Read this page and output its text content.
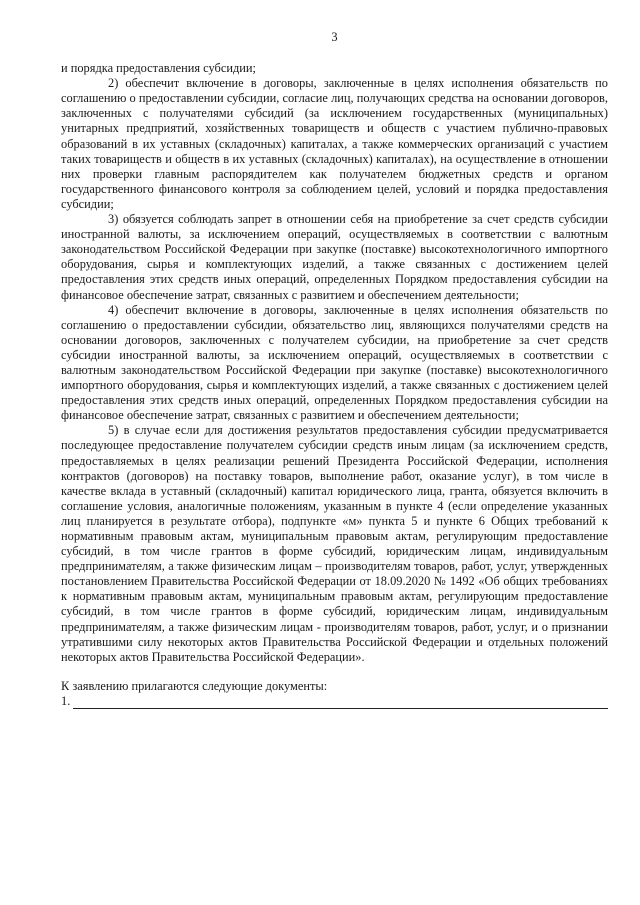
3

и порядка предоставления субсидии;

2) обеспечит включение в договоры, заключенные в целях исполнения обязательств по соглашению о предоставлении субсидии, согласие лиц, получающих средства на основании договоров, заключенных с получателями субсидий (за исключением государственных (муниципальных) унитарных предприятий, хозяйственных товариществ и обществ с участием публично-правовых образований в их уставных (складочных) капиталах, а также коммерческих организаций с участием таких товариществ и обществ в их уставных (складочных) капиталах), на осуществление в отношении них проверки главным распорядителем как получателем бюджетных средств и органом государственного финансового контроля за соблюдением целей, условий и порядка предоставления субсидии;

3) обязуется соблюдать запрет в отношении себя на приобретение за счет средств субсидии иностранной валюты, за исключением операций, осуществляемых в соответствии с валютным законодательством Российской Федерации при закупке (поставке) высокотехнологичного импортного оборудования, сырья и комплектующих изделий, а также связанных с достижением целей предоставления этих средств иных операций, определенных Порядком предоставления субсидии на финансовое обеспечение затрат, связанных с развитием и обеспечением деятельности;

4) обеспечит включение в договоры, заключенные в целях исполнения обязательств по соглашению о предоставлении субсидии, обязательство лиц, являющихся получателями средств на основании договоров, заключенных с получателем субсидии, на приобретение за счет средств субсидии иностранной валюты, за исключением операций, осуществляемых в соответствии с валютным законодательством Российской Федерации при закупке (поставке) высокотехнологичного импортного оборудования, сырья и комплектующих изделий, а также связанных с достижением целей предоставления этих средств иных операций, определенных Порядком предоставления субсидии на финансовое обеспечение затрат, связанных с развитием и обеспечением деятельности;

5) в случае если для достижения результатов предоставления субсидии предусматривается последующее предоставление получателем субсидии средств иным лицам (за исключением средств, предоставляемых в целях реализации решений Президента Российской Федерации, исполнения контрактов (договоров) на поставку товаров, выполнение работ, оказание услуг), в том числе в качестве вклада в уставный (складочный) капитал юридического лица, гранта, обязуется включить в соглашение условия, аналогичные положениям, указанным в пункте 4 (если определение указанных лиц планируется в результате отбора), подпункте «м» пункта 5 и пункте 6 Общих требований к нормативным правовым актам, муниципальным правовым актам, регулирующим предоставление субсидий, в том числе грантов в форме субсидий, юридическим лицам, индивидуальным предпринимателям, а также физическим лицам – производителям товаров, работ, услуг, утвержденных постановлением Правительства Российской Федерации от 18.09.2020 № 1492 «Об общих требованиях к нормативным правовым актам, муниципальным правовым актам, регулирующим предоставление субсидий, в том числе грантов в форме субсидий, юридическим лицам, индивидуальным предпринимателям, а также физическим лицам - производителям товаров, работ, услуг, и о признании утратившими силу некоторых актов Правительства Российской Федерации и отдельных положений некоторых актов Правительства Российской Федерации».

К заявлению прилагаются следующие документы:

1.
